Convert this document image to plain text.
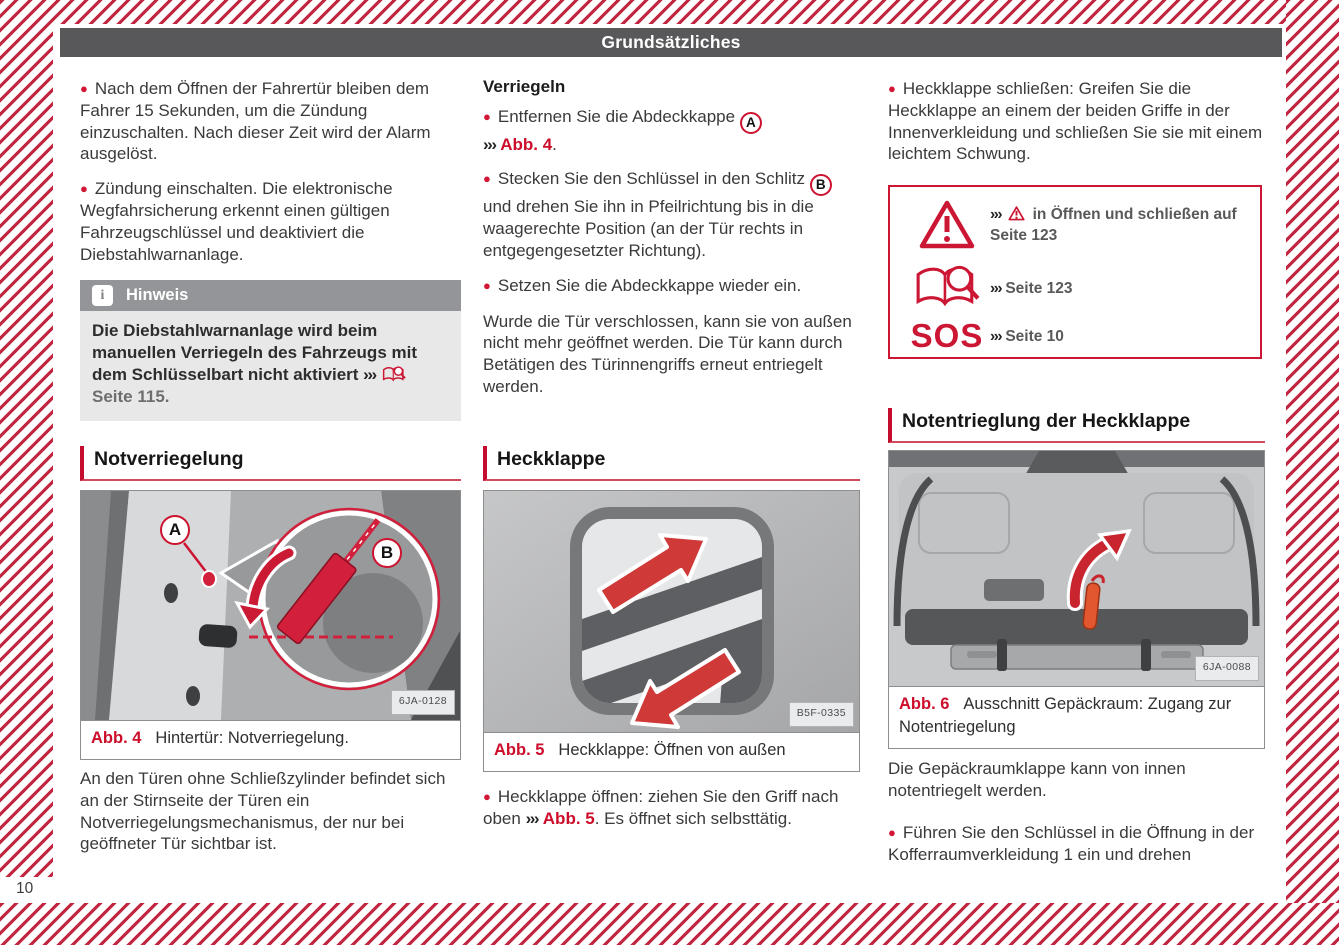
Grundsätzliches
10

● Nach dem Öffnen der Fahrertür bleiben dem Fahrer 15 Sekunden, um die Zündung einzuschalten. Nach dieser Zeit wird der Alarm ausgelöst.

● Zündung einschalten. Die elektronische Wegfahrsicherung erkennt einen gültigen Fahrzeugschlüssel und deaktiviert die Diebstahlwarnanlage.

i	Hinweis
Die Diebstahlwarnanlage wird beim manuellen Verriegeln des Fahrzeugs mit dem Schlüsselbart nicht aktiviert ›››  Seite 115.
Notverriegelung
A
B
6JA-0128
Abb. 4 Hintertür: Notverriegelung.

An den Türen ohne Schließzylinder befindet sich an der Stirnseite der Türen ein Notverriegelungsmechanismus, der nur bei geöffneter Tür sichtbar ist.

Verriegeln

● Entfernen Sie die Abdeckkappe A
››› Abb. 4.

● Stecken Sie den Schlüssel in den Schlitz B und drehen Sie ihn in Pfeilrichtung bis in die waagerechte Position (an der Tür rechts in entgegengesetzter Richtung).

● Setzen Sie die Abdeckkappe wieder ein.

Wurde die Tür verschlossen, kann sie von außen nicht mehr geöffnet werden. Die Tür kann durch Betätigen des Türinnengriffs erneut entriegelt werden.

Heckklappe
B5F-0335
Abb. 5 Heckklappe: Öffnen von außen

● Heckklappe öffnen: ziehen Sie den Griff nach oben ››› Abb. 5. Es öffnet sich selbsttätig.

● Heckklappe schließen: Greifen Sie die Heckklappe an einem der beiden Griffe in der Innenverkleidung und schließen Sie sie mit einem leichtem Schwung.

››› in Öffnen und schließen auf Seite 123
››› Seite 123
SOS ››› Seite 10
Notentrieglung der Heckklappe
6JA-0088
Abb. 6 Ausschnitt Gepäckraum: Zugang zur Notentriegelung

Die Gepäckraumklappe kann von innen notentriegelt werden.

● Führen Sie den Schlüssel in die Öffnung in der Kofferraumverkleidung 1 ein und drehen
